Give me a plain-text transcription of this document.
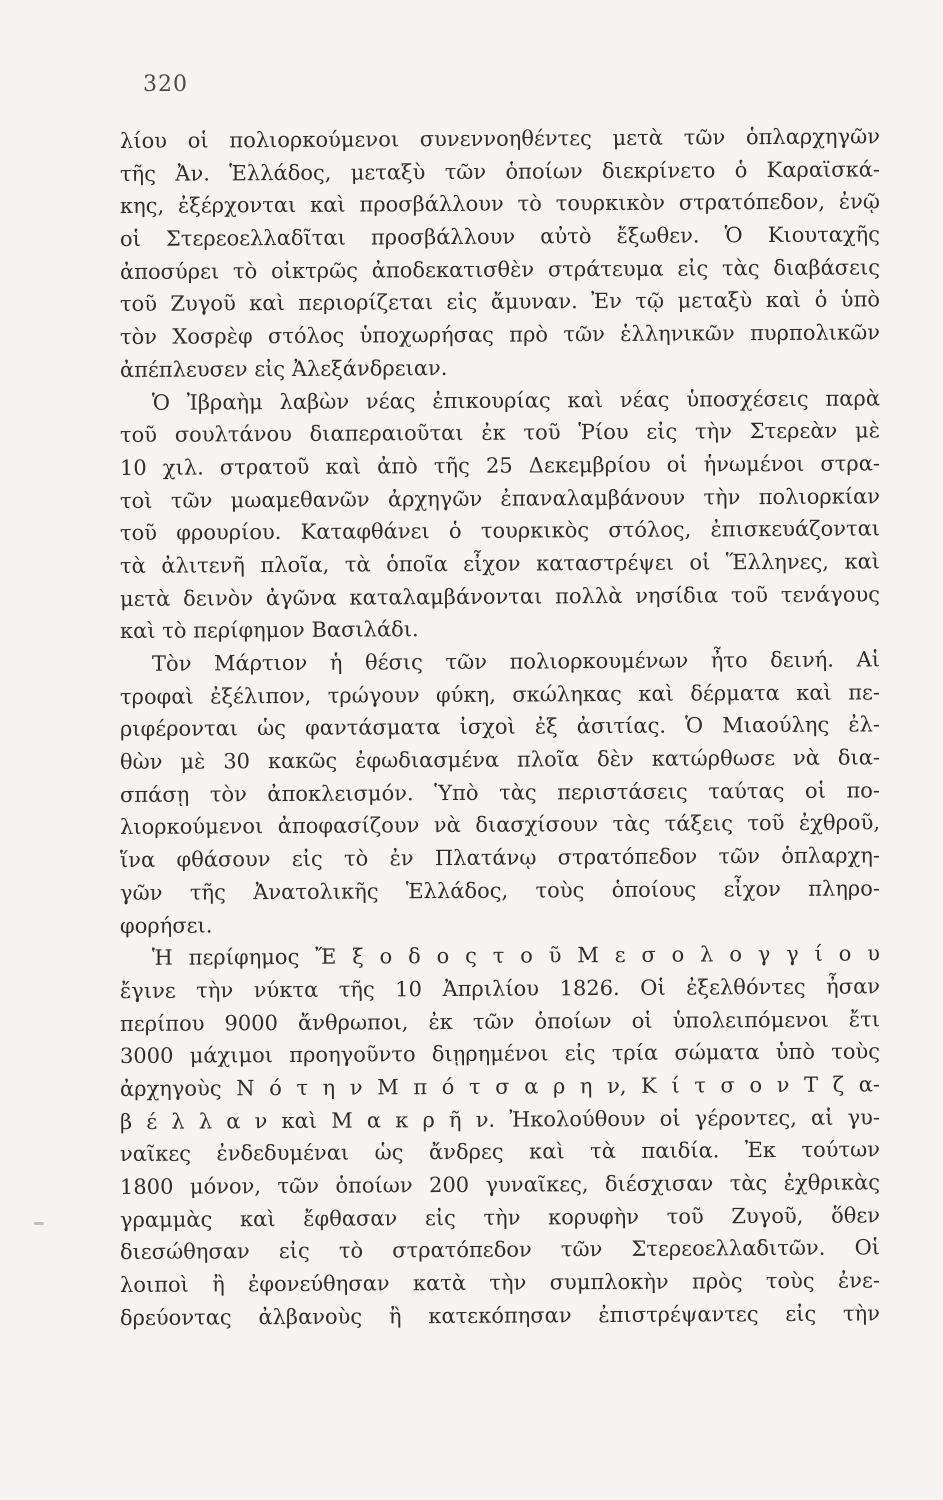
320
λίου οἱ πολιορκούμενοι συνεννοηθέντες μετὰ τῶν ὁπλαρχηγῶν
τῆς Ἀν. Ἑλλάδος, μεταξὺ τῶν ὁποίων διεκρίνετο ὁ Καραϊσκά-
κης, ἐξέρχονται καὶ προσβάλλουν τὸ τουρκικὸν στρατόπεδον, ἐνῷ
οἱ Στερεοελλαδῖται προσβάλλουν αὐτὸ ἔξωθεν. Ὁ Κιουταχῆς
ἀποσύρει τὸ οἰκτρῶς ἀποδεκατισθὲν στράτευμα εἰς τὰς διαβάσεις
τοῦ Ζυγοῦ καὶ περιορίζεται εἰς ἄμυναν. Ἐν τῷ μεταξὺ καὶ ὁ ὑπὸ
τὸν Χοσρὲφ στόλος ὑποχωρήσας πρὸ τῶν ἑλληνικῶν πυρπολικῶν
ἀπέπλευσεν εἰς Ἀλεξάνδρειαν.
Ὁ Ἰβραὴμ λαβὼν νέας ἐπικουρίας καὶ νέας ὑποσχέσεις παρὰ
τοῦ σουλτάνου διαπεραιοῦται ἐκ τοῦ Ῥίου εἰς τὴν Στερεὰν μὲ
10 χιλ. στρατοῦ καὶ ἀπὸ τῆς 25 Δεκεμβρίου οἱ ἡνωμένοι στρα-
τοὶ τῶν μωαμεθανῶν ἀρχηγῶν ἐπαναλαμβάνουν τὴν πολιορκίαν
τοῦ φρουρίου. Καταφθάνει ὁ τουρκικὸς στόλος, ἐπισκευάζονται
τὰ ἀλιτενῆ πλοῖα, τὰ ὁποῖα εἶχον καταστρέψει οἱ Ἕλληνες, καὶ
μετὰ δεινὸν ἀγῶνα καταλαμβάνονται πολλὰ νησίδια τοῦ τενάγους
καὶ τὸ περίφημον Βασιλάδι.
Τὸν Μάρτιον ἡ θέσις τῶν πολιορκουμένων ἦτο δεινή. Αἱ
τροφαὶ ἐξέλιπον, τρώγουν φύκη, σκώληκας καὶ δέρματα καὶ πε-
ριφέρονται ὡς φαντάσματα ἰσχοὶ ἐξ ἀσιτίας. Ὁ Μιαούλης ἐλ-
θὼν μὲ 30 κακῶς ἐφωδιασμένα πλοῖα δὲν κατώρθωσε νὰ δια-
σπάσῃ τὸν ἀποκλεισμόν. Ὑπὸ τὰς περιστάσεις ταύτας οἱ πο-
λιορκούμενοι ἀποφασίζουν νὰ διασχίσουν τὰς τάξεις τοῦ ἐχθροῦ,
ἵνα φθάσουν εἰς τὸ ἐν Πλατάνῳ στρατόπεδον τῶν ὁπλαρχη-
γῶν τῆς Ἀνατολικῆς Ἑλλάδος, τοὺς ὁποίους εἶχον πληρο-
φορήσει.
Ἡ περίφημος Ἔ ξ ο δ ο ς τ ο ῦ Μ ε σ ο λ ο γ γ ί ο υ
ἔγινε τὴν νύκτα τῆς 10 Ἀπριλίου 1826. Οἱ ἐξελθόντες ἦσαν
περίπου 9000 ἄνθρωποι, ἐκ τῶν ὁποίων οἱ ὑπολειπόμενοι ἔτι
3000 μάχιμοι προηγοῦντο διῃρημένοι εἰς τρία σώματα ὑπὸ τοὺς
ἀρχηγοὺς Ν ό τ η ν Μ π ό τ σ α ρ η ν, Κ ί τ σ ο ν Τ ζ α-
β έ λ λ α ν καὶ Μ α κ ρ ῆ ν. Ἠκολούθουν οἱ γέροντες, αἱ γυ-
ναῖκες ἐνδεδυμέναι ὡς ἄνδρες καὶ τὰ παιδία. Ἐκ τούτων
1800 μόνον, τῶν ὁποίων 200 γυναῖκες, διέσχισαν τὰς ἐχθρικὰς
γραμμὰς καὶ ἔφθασαν εἰς τὴν κορυφὴν τοῦ Ζυγοῦ, ὅθεν
διεσώθησαν εἰς τὸ στρατόπεδον τῶν Στερεοελλαδιτῶν. Οἱ
λοιποὶ ἢ ἐφονεύθησαν κατὰ τὴν συμπλοκὴν πρὸς τοὺς ἐνε-
δρεύοντας ἀλβανοὺς ἢ κατεκόπησαν ἐπιστρέψαντες εἰς τὴν
